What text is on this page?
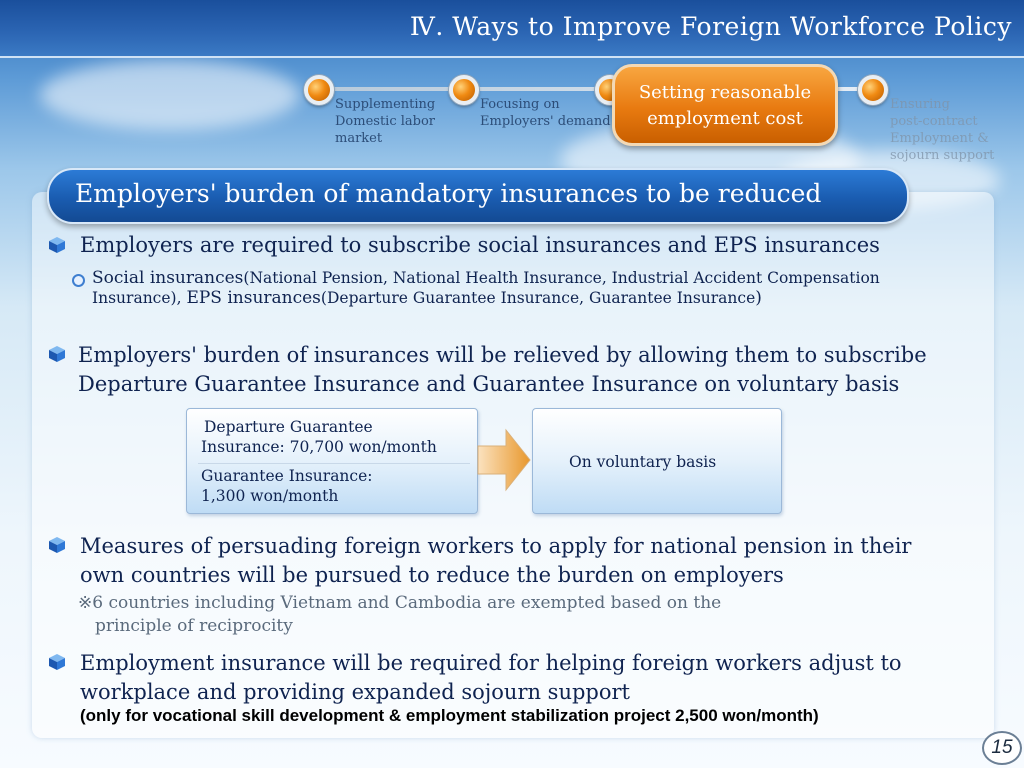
Ⅳ. Ways to Improve Foreign Workforce Policy
Supplementing
Domestic labor
market
Focusing on
Employers' demand
Setting reasonable
employment cost
Ensuring
post-contract
Employment &
sojourn support
Employers' burden of mandatory insurances to be reduced
Employers are required to subscribe social insurances and EPS insurances
Social insurances(National Pension, National Health Insurance, Industrial Accident Compensation
Insurance), EPS insurances(Departure Guarantee Insurance, Guarantee Insurance)
Employers' burden of insurances will be relieved by allowing them to subscribe
Departure Guarantee Insurance and Guarantee Insurance on voluntary basis
Departure Guarantee
Insurance: 70,700 won/month
Guarantee Insurance:
1,300 won/month
On voluntary basis
Measures of persuading foreign workers to apply for national pension in their
own countries will be pursued to reduce the burden on employers
※6 countries including Vietnam and Cambodia are exempted based on the
principle of reciprocity
Employment insurance will be required for helping foreign workers adjust to
workplace and providing expanded sojourn support
(only for vocational skill development & employment stabilization project 2,500 won/month)
15
